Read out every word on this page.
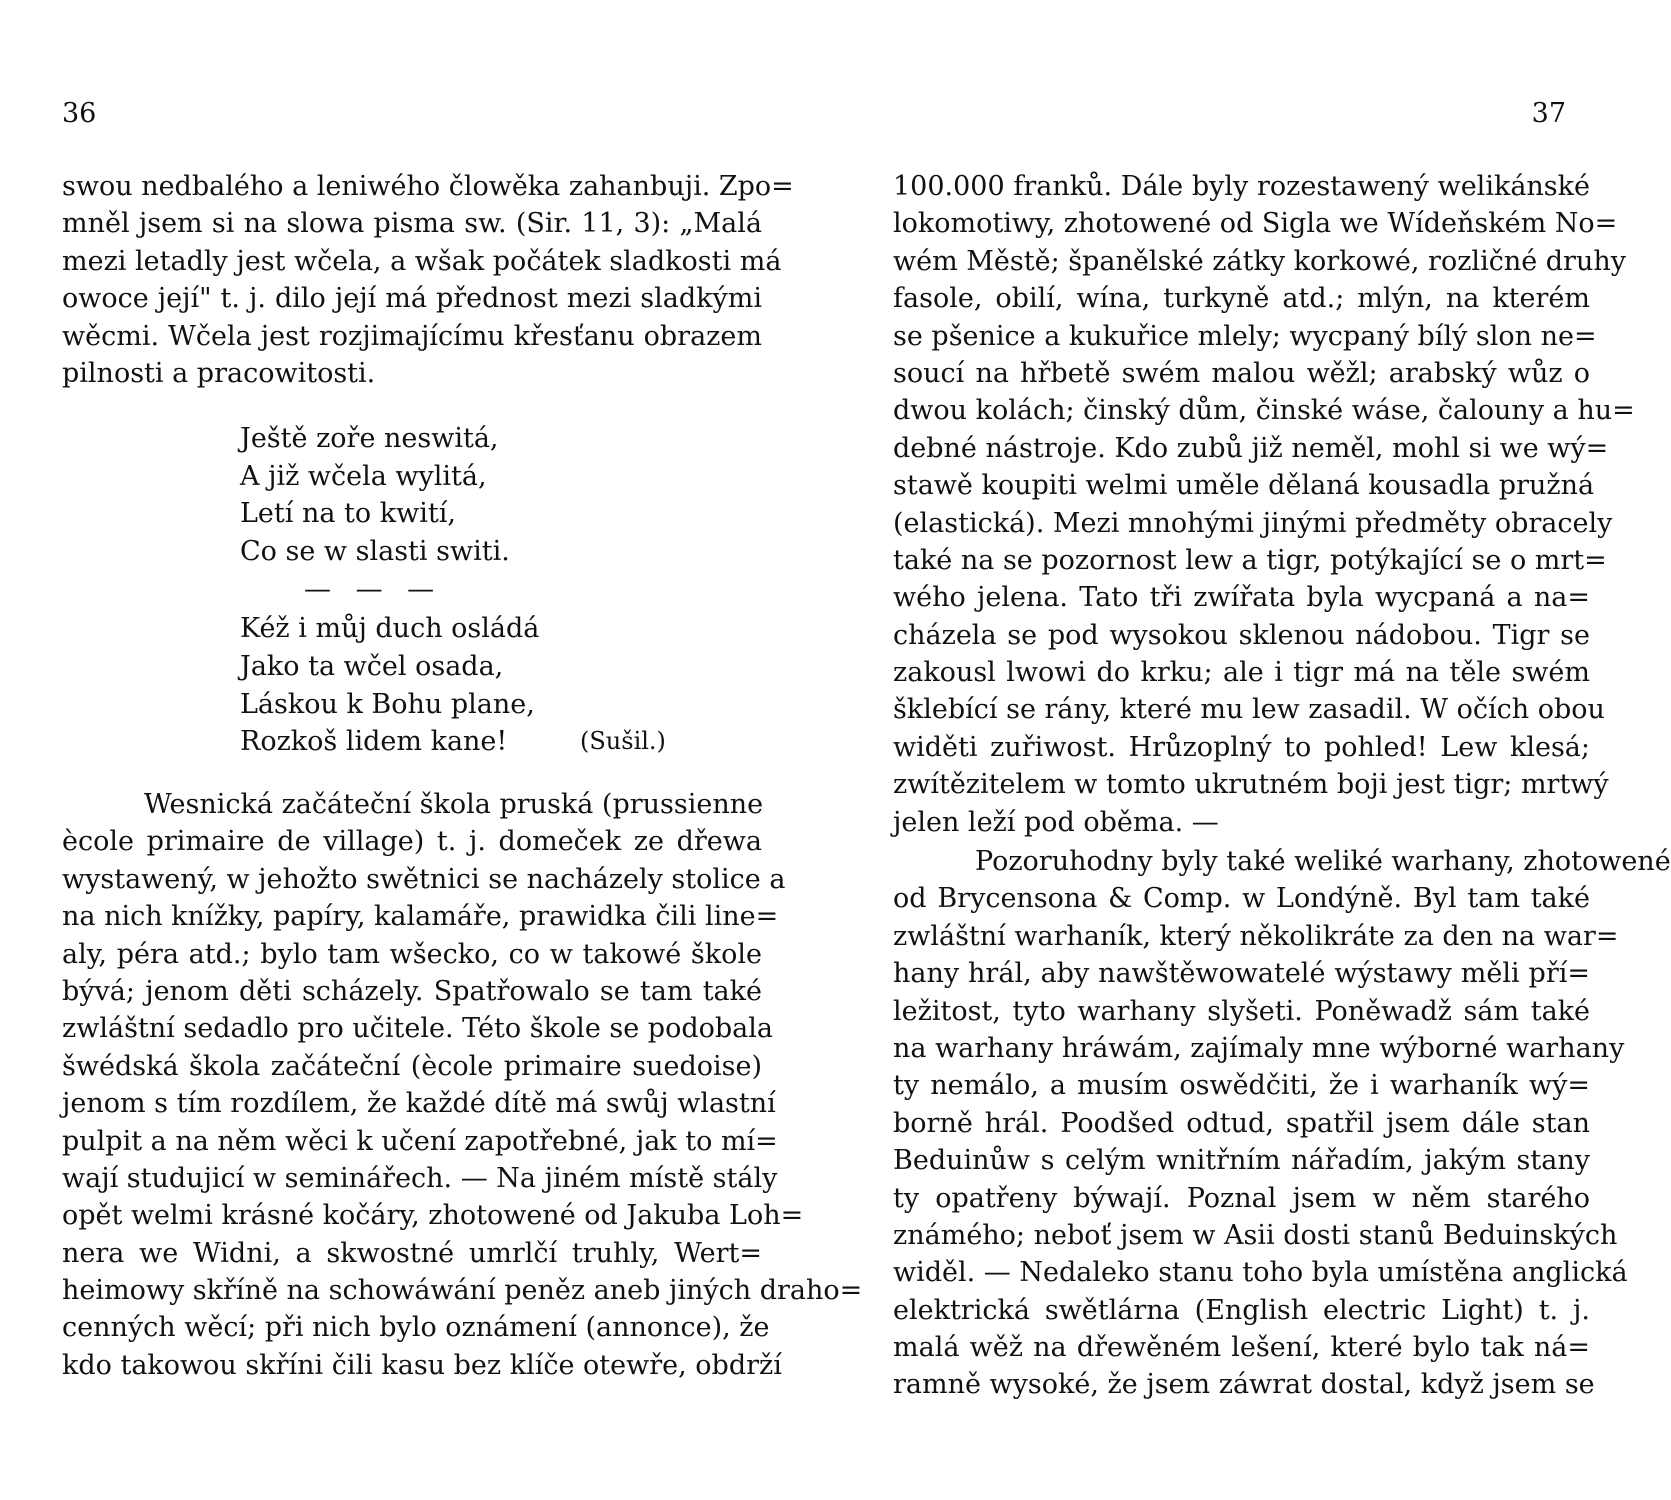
36
swou nedbalého a leniwého člowěka zahanbuji. Zpo=
mněl jsem si na slowa pisma sw. (Sir. 11, 3): „Malá
mezi letadly jest wčela, a wšak počátek sladkosti má
owoce její" t. j. dilo její má přednost mezi sladkými
wěcmi. Wčela jest rozjimajícímu křesťanu obrazem
pilnosti a pracowitosti.
Ještě zoře neswitá,
A již wčela wylitá,
Letí na to kwití,
Co se w slasti switi.
— — —
Kéž i můj duch osládá
Jako ta wčel osada,
Láskou k Bohu plane,
Rozkoš lidem kane!	(Sušil.)
Wesnická začáteční škola pruská (prussienne
ècole primaire de village) t. j. domeček ze dřewa
wystawený, w jehožto swětnici se nacházely stolice a
na nich knížky, papíry, kalamáře, prawidka čili line=
aly, péra atd.; bylo tam wšecko, co w takowé škole
bývá; jenom děti scházely. Spatřowalo se tam také
zwláštní sedadlo pro učitele. Této škole se podobala
šwédská škola začáteční (ècole primaire suedoise)
jenom s tím rozdílem, že každé dítě má swůj wlastní
pulpit a na něm wěci k učení zapotřebné, jak to mí=
wají studujicí w seminářech. — Na jiném místě stály
opět welmi krásné kočáry, zhotowené od Jakuba Loh=
nera we Widni, a skwostné umrlčí truhly, Wert=
heimowy skříně na schowáwání peněz aneb jiných draho=
cenných wěcí; při nich bylo oznámení (annonce), že
kdo takowou skříni čili kasu bez klíče otewře, obdrží
37
100.000 franků. Dále byly rozestawený welikánské
lokomotiwy, zhotowené od Sigla we Wídeňském No=
wém Městě; španělské zátky korkowé, rozličné druhy
fasole, obilí, wína, turkyně atd.; mlýn, na kterém
se pšenice a kukuřice mlely; wycpaný bílý slon ne=
soucí na hřbetě swém malou wěžl; arabský wůz o
dwou kolách; činský dům, činské wáse, čalouny a hu=
debné nástroje. Kdo zubů již neměl, mohl si we wý=
stawě koupiti welmi uměle dělaná kousadla pružná
(elastická). Mezi mnohými jinými předměty obracely
také na se pozornost lew a tigr, potýkající se o mrt=
wého jelena. Tato tři zwířata byla wycpaná a na=
cházela se pod wysokou sklenou nádobou. Tigr se
zakousl lwowi do krku; ale i tigr má na těle swém
šklebící se rány, které mu lew zasadil. W očích obou
widěti zuřiwost. Hrůzoplný to pohled! Lew klesá;
zwítězitelem w tomto ukrutném boji jest tigr; mrtwý
jelen leží pod oběma. —
Pozoruhodny byly také weliké warhany, zhotowené
od Brycensona & Comp. w Londýně. Byl tam také
zwláštní warhaník, který několikráte za den na war=
hany hrál, aby nawštěwowatelé wýstawy měli pří=
ležitost, tyto warhany slyšeti. Poněwadž sám také
na warhany hráwám, zajímaly mne wýborné warhany
ty nemálo, a musím oswědčiti, že i warhaník wý=
borně hrál. Poodšed odtud, spatřil jsem dále stan
Beduinůw s celým wnitřním nářadím, jakým stany
ty opatřeny býwají. Poznal jsem w něm starého
známého; neboť jsem w Asii dosti stanů Beduinských
widěl. — Nedaleko stanu toho byla umístěna anglická
elektrická swětlárna (English electric Light) t. j.
malá wěž na dřewěném lešení, které bylo tak ná=
ramně wysoké, že jsem záwrat dostal, když jsem se
